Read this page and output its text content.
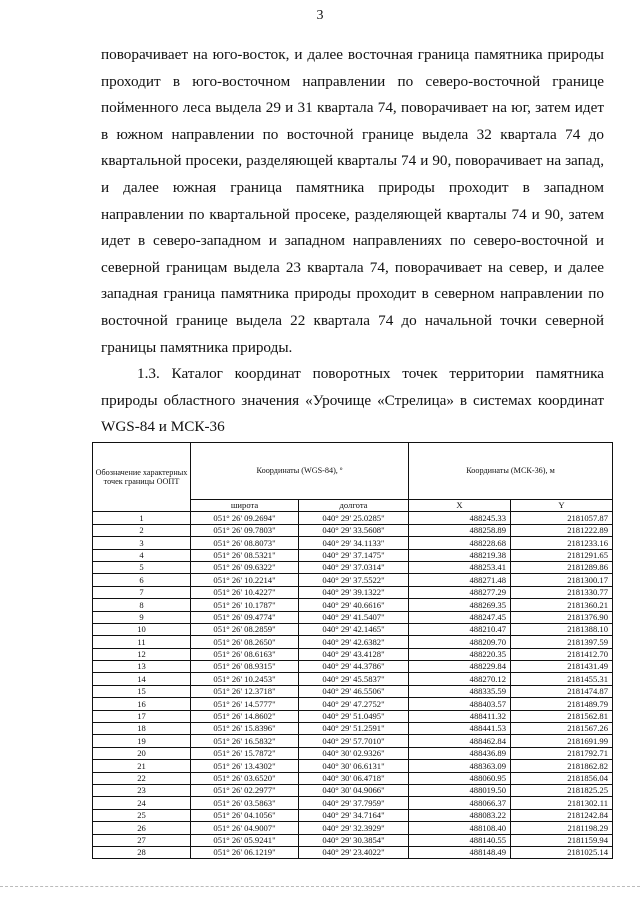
3

поворачивает на юго-восток, и далее восточная граница памятника природы проходит в юго-восточном направлении по северо-восточной границе пойменного леса выдела 29 и 31 квартала 74, поворачивает на юг, затем идет в южном направлении по восточной границе выдела 32 квартала 74 до квартальной просеки, разделяющей кварталы 74 и 90, поворачивает на запад, и далее южная граница памятника природы проходит в западном направлении по квартальной просеке, разделяющей кварталы 74 и 90, затем идет в северо-западном и западном направлениях по северо-восточной и северной границам выдела 23 квартала 74, поворачивает на север, и далее западная граница памятника природы проходит в северном направлении по восточной границе выдела 22 квартала 74 до начальной точки северной границы памятника природы.

1.3. Каталог координат поворотных точек территории памятника природы областного значения «Урочище «Стрелица» в системах координат WGS-84 и МСК-36

Обозначение характерных точек границы ООПТ	Координаты (WGS-84), º		Координаты (МСК-36), м	
	широта	долгота	X	Y
1	051° 26' 09.2694"	040° 29' 25.0285"	488245.33	2181057.87
2	051° 26' 09.7803"	040° 29' 33.5608"	488258.89	2181222.89
3	051° 26' 08.8073"	040° 29' 34.1133"	488228.68	2181233.16
4	051° 26' 08.5321"	040° 29' 37.1475"	488219.38	2181291.65
5	051° 26' 09.6322"	040° 29' 37.0314"	488253.41	2181289.86
6	051° 26' 10.2214"	040° 29' 37.5522"	488271.48	2181300.17
7	051° 26' 10.4227"	040° 29' 39.1322"	488277.29	2181330.77
8	051° 26' 10.1787"	040° 29' 40.6616"	488269.35	2181360.21
9	051° 26' 09.4774"	040° 29' 41.5407"	488247.45	2181376.90
10	051° 26' 08.2859"	040° 29' 42.1465"	488210.47	2181388.10
11	051° 26' 08.2650"	040° 29' 42.6382"	488209.70	2181397.59
12	051° 26' 08.6163"	040° 29' 43.4128"	488220.35	2181412.70
13	051° 26' 08.9315"	040° 29' 44.3786"	488229.84	2181431.49
14	051° 26' 10.2453"	040° 29' 45.5837"	488270.12	2181455.31
15	051° 26' 12.3718"	040° 29' 46.5506"	488335.59	2181474.87
16	051° 26' 14.5777"	040° 29' 47.2752"	488403.57	2181489.79
17	051° 26' 14.8602"	040° 29' 51.0495"	488411.32	2181562.81
18	051° 26' 15.8396"	040° 29' 51.2591"	488441.53	2181567.26
19	051° 26' 16.5832"	040° 29' 57.7010"	488462.84	2181691.99
20	051° 26' 15.7872"	040° 30' 02.9326"	488436.89	2181792.71
21	051° 26' 13.4302"	040° 30' 06.6131"	488363.09	2181862.82
22	051° 26' 03.6520"	040° 30' 06.4718"	488060.95	2181856.04
23	051° 26' 02.2977"	040° 30' 04.9066"	488019.50	2181825.25
24	051° 26' 03.5863"	040° 29' 37.7959"	488066.37	2181302.11
25	051° 26' 04.1056"	040° 29' 34.7164"	488083.22	2181242.84
26	051° 26' 04.9007"	040° 29' 32.3929"	488108.40	2181198.29
27	051° 26' 05.9241"	040° 29' 30.3854"	488140.55	2181159.94
28	051° 26' 06.1219"	040° 29' 23.4022"	488148.49	2181025.14
